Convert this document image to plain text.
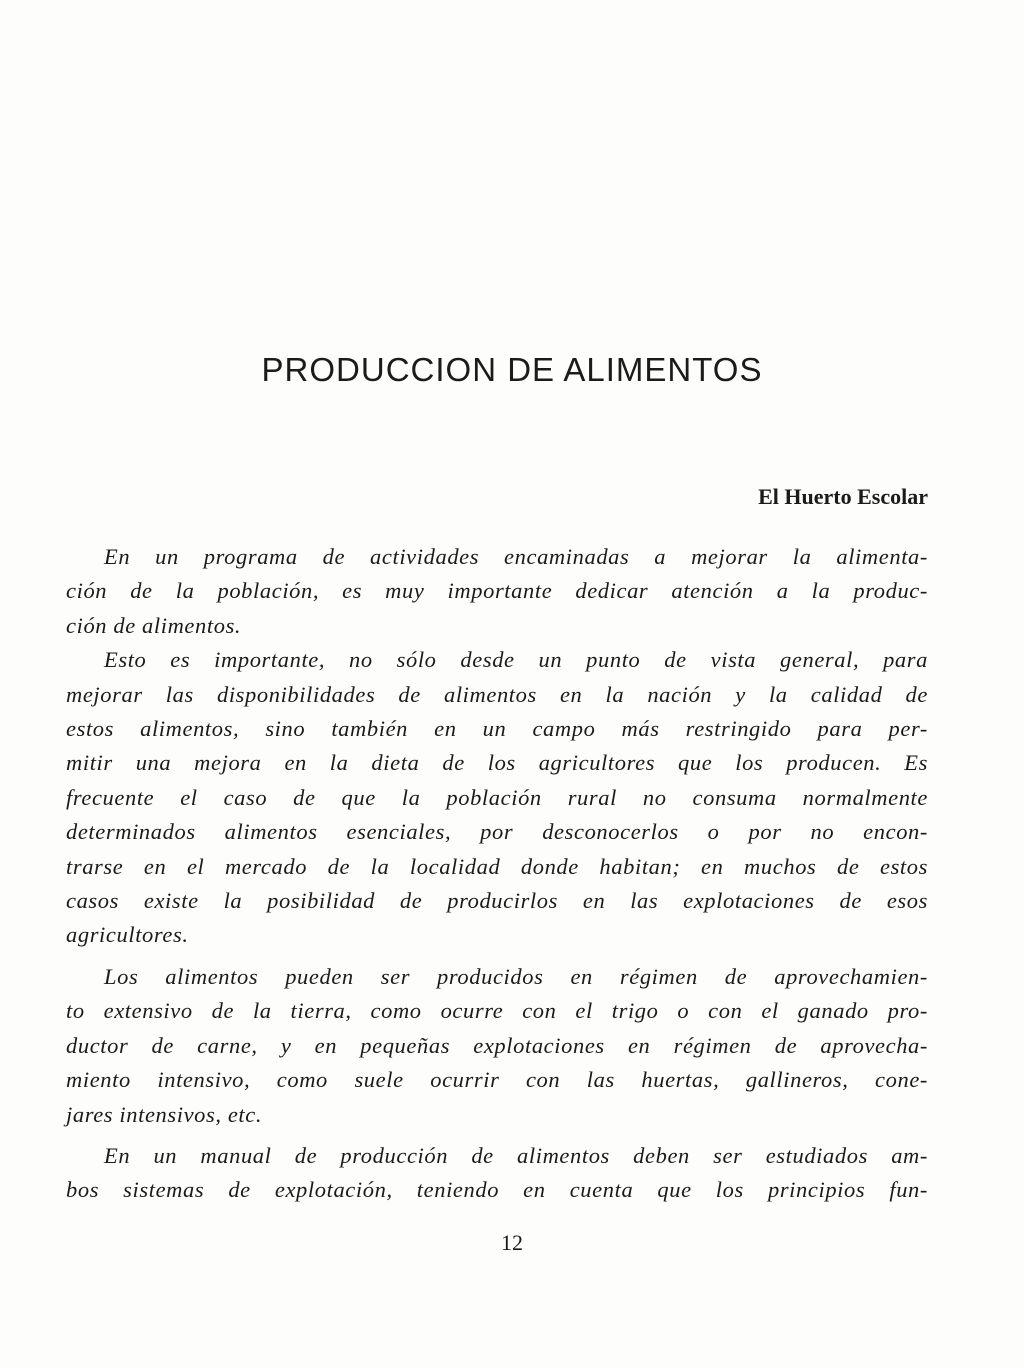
PRODUCCION DE ALIMENTOS
El Huerto Escolar

En un programa de actividades encaminadas a mejorar la alimenta-
ción de la población, es muy importante dedicar atención a la produc-
ción de alimentos.

Esto es importante, no sólo desde un punto de vista general, para
mejorar las disponibilidades de alimentos en la nación y la calidad de
estos alimentos, sino también en un campo más restringido para per-
mitir una mejora en la dieta de los agricultores que los producen. Es
frecuente el caso de que la población rural no consuma normalmente
determinados alimentos esenciales, por desconocerlos o por no encon-
trarse en el mercado de la localidad donde habitan; en muchos de estos
casos existe la posibilidad de producirlos en las explotaciones de esos
agricultores.

Los alimentos pueden ser producidos en régimen de aprovechamien-
to extensivo de la tierra, como ocurre con el trigo o con el ganado pro-
ductor de carne, y en pequeñas explotaciones en régimen de aprovecha-
miento intensivo, como suele ocurrir con las huertas, gallineros, cone-
jares intensivos, etc.

En un manual de producción de alimentos deben ser estudiados am-
bos sistemas de explotación, teniendo en cuenta que los principios fun-

12
